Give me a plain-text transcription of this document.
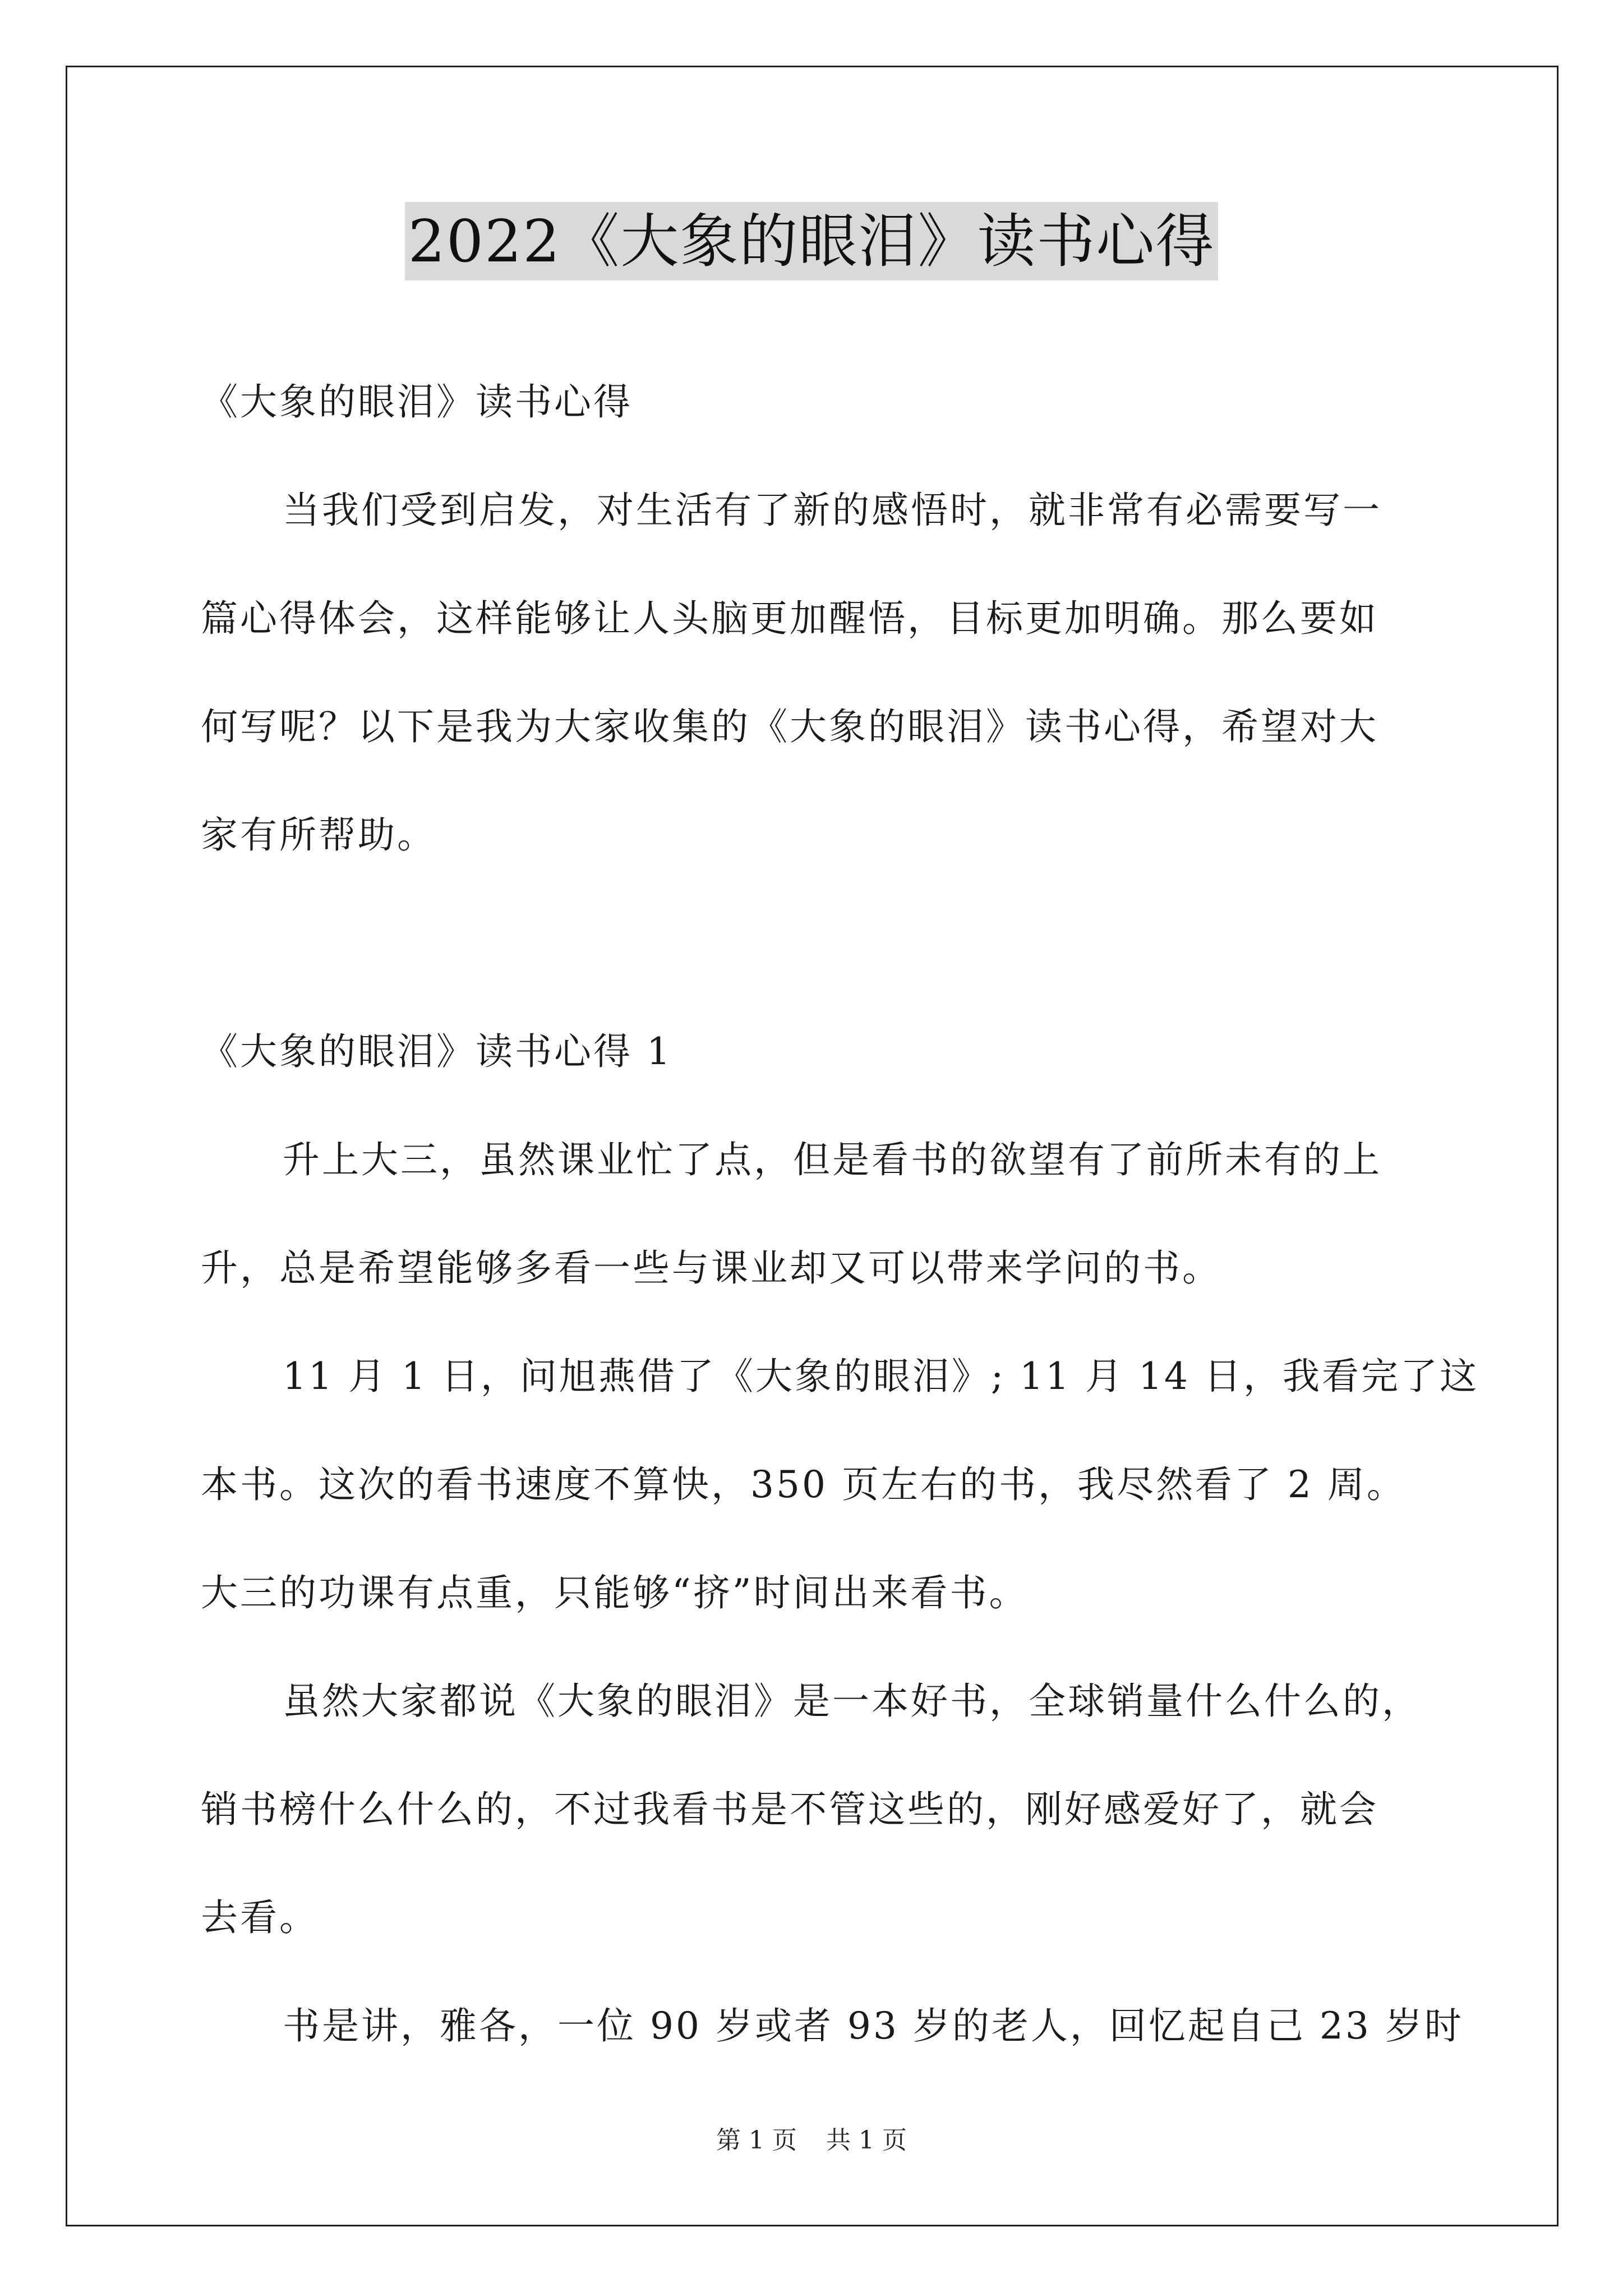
2022《大象的眼泪》读书心得
《大象的眼泪》读书心得
当我们受到启发，对生活有了新的感悟时，就非常有必需要写一
篇心得体会，这样能够让人头脑更加醒悟，目标更加明确。那么要如
何写呢？以下是我为大家收集的《大象的眼泪》读书心得，希望对大
家有所帮助。
《大象的眼泪》读书心得 1
升上大三，虽然课业忙了点，但是看书的欲望有了前所未有的上
升，总是希望能够多看一些与课业却又可以带来学问的书。
11 月 1 日，问旭燕借了《大象的眼泪》; 11 月 14 日，我看完了这
本书。这次的看书速度不算快，350 页左右的书，我尽然看了 2 周。
大三的功课有点重，只能够“挤”时间出来看书。
虽然大家都说《大象的眼泪》是一本好书，全球销量什么什么的，
销书榜什么什么的，不过我看书是不管这些的，刚好感爱好了，就会
去看。
书是讲，雅各，一位 90 岁或者 93 岁的老人，回忆起自己 23 岁时
第 1 页 共 1 页
